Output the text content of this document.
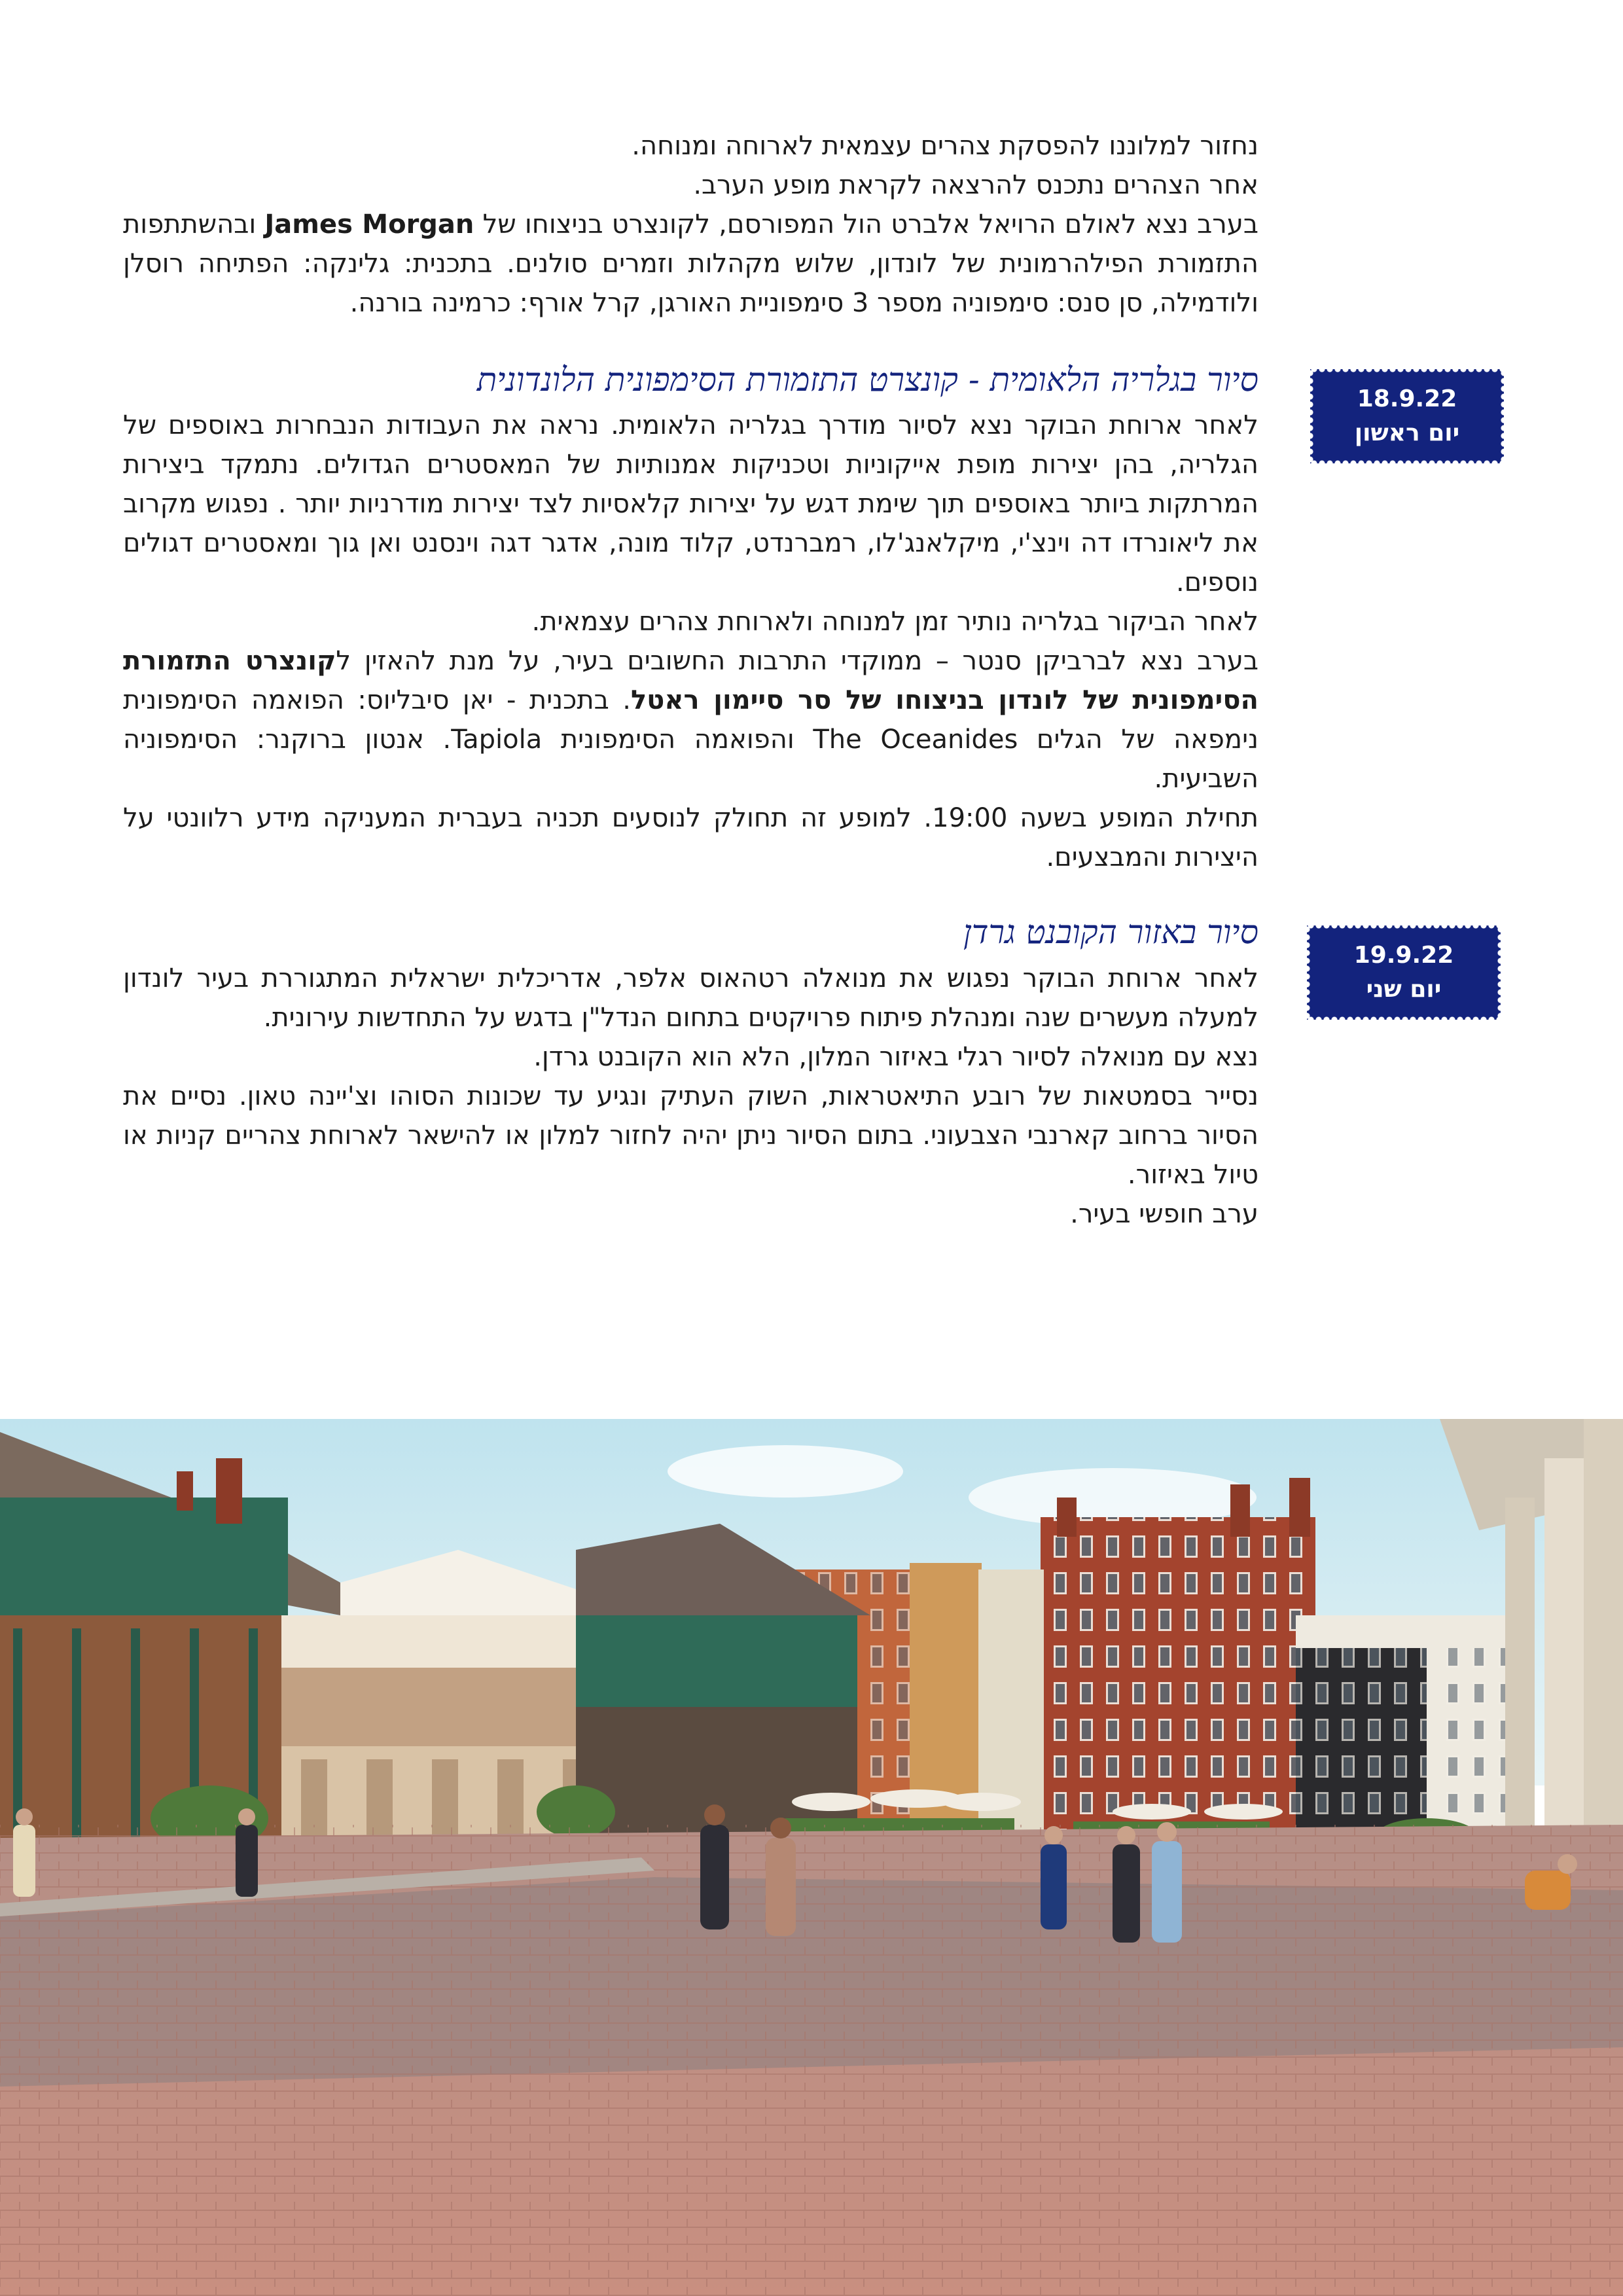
נחזור למלוננו להפסקת צהרים עצמאית לארוחה ומנוחה.

אחר הצהרים נתכנס להרצאה לקראת מופע הערב.

בערב נצא לאולם הרויאל אלברט הול המפורסם, לקונצרט בניצוחו של James Morgan ובהשתתפות התזמורת הפילהרמונית של לונדון, שלוש מקהלות וזמרים סולנים. בתכנית: גלינקה: הפתיחה רוסלן ולודמילה, סן סנס: סימפוניה מספר 3 סימפוניית האורגן, קרל אורף: כרמינה בורנה.

18.9.22
יום ראשון
סיור בגלריה הלאומית - קונצרט התזמורת הסימפונית הלונדונית

לאחר ארוחת הבוקר נצא לסיור מודרך בגלריה הלאומית. נראה את העבודות הנבחרות באוספים של הגלריה, בהן יצירות מופת אייקוניות וטכניקות אמנותיות של המאסטרים הגדולים. נתמקד ביצירות המרתקות ביותר באוספים תוך שימת דגש על יצירות קלאסיות לצד יצירות מודרניות יותר . נפגוש מקרוב את ליאונרדו דה וינצ'י, מיקלאנג'לו, רמברנדט, קלוד מונה, אדגר דגה וינסנט ואן גוך ומאסטרים דגולים נוספים.

לאחר הביקור בגלריה נותיר זמן למנוחה ולארוחת צהרים עצמאית.

בערב נצא לברביקן סנטר – ממוקדי התרבות החשובים בעיר, על מנת להאזין לקונצרט התזמורת הסימפונית של לונדון בניצוחו של סר סיימון ראטל. בתכנית - יאן סיבליוס: הפואמה הסימפונית נימפאה של הגלים The Oceanides והפואמה הסימפונית Tapiola. אנטון ברוקנר: הסימפוניה השביעית.

תחילת המופע בשעה 19:00. למופע זה תחולק לנוסעים תכניה בעברית המעניקה מידע רלוונטי על היצירות והמבצעים.

19.9.22
יום שני
סיור באזור הקובנט גרדן

לאחר ארוחת הבוקר נפגוש את מנואלה רטהאוס אלפר, אדריכלית ישראלית המתגוררת בעיר לונדון למעלה מעשרים שנה ומנהלת פיתוח פרויקטים בתחום הנדל"ן בדגש על התחדשות עירונית.

נצא עם מנואלה לסיור רגלי באיזור המלון, הלא הוא הקובנט גרדן.

נסייר בסמטאות של רובע התיאטראות, השוק העתיק ונגיע עד שכונות הסוהו וצ'יינה טאון. נסיים את הסיור ברחוב קארנבי הצבעוני. בתום הסיור ניתן יהיה לחזור למלון או להישאר לארוחת צהריים קניות או טיול באיזור.

ערב חופשי בעיר.
